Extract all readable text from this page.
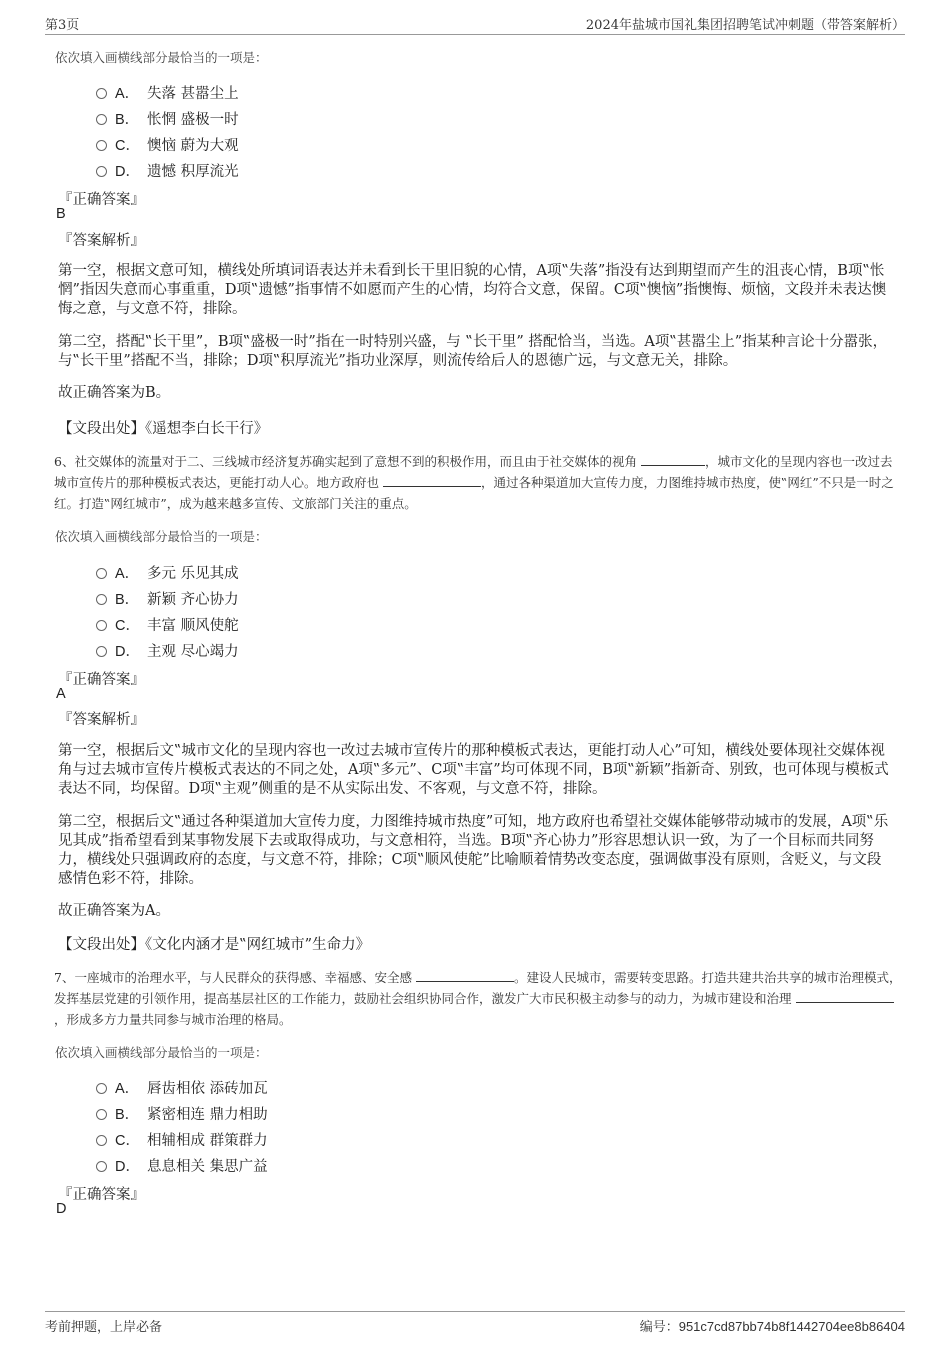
第3页	2024年盐城市国礼集团招聘笔试冲刺题（带答案解析）
依次填入画横线部分最恰当的一项是：
A． 失落 甚嚣尘上
B． 怅惘 盛极一时
C． 懊恼 蔚为大观
D． 遗憾 积厚流光
『正确答案』
B
『答案解析』
第一空，根据文意可知，横线处所填词语表达并未看到长干里旧貌的心情，A项‟失落”指没有达到期望而产生的沮丧心情，B项‟怅惘”指因失意而心事重重，D项‟遗憾”指事情不如愿而产生的心情，均符合文意，保留。C项‟懊恼”指懊悔、烦恼，文段并未表达懊悔之意，与文意不符，排除。
第二空，搭配‟长干里”，B项‟盛极一时”指在一时特别兴盛，与 ‟长干里” 搭配恰当，当选。A项‟甚嚣尘上”指某种言论十分嚣张，与‟长干里”搭配不当，排除；D项‟积厚流光”指功业深厚，则流传给后人的恩德广远，与文意无关，排除。
故正确答案为B。
【文段出处】《遥想李白长干行》
6、社交媒体的流量对于二、三线城市经济复苏确实起到了意想不到的积极作用，而且由于社交媒体的视角	，城市文化的呈现内容也一改过去城市宣传片的那种模板式表达，更能打动人心。地方政府也	，通过各种渠道加大宣传力度，力图维持城市热度，使‟网红”不只是一时之红。打造‟网红城市”，成为越来越多宣传、文旅部门关注的重点。
依次填入画横线部分最恰当的一项是：
A． 多元 乐见其成
B． 新颖 齐心协力
C． 丰富 顺风使舵
D． 主观 尽心竭力
『正确答案』
A
『答案解析』
第一空，根据后文‟城市文化的呈现内容也一改过去城市宣传片的那种模板式表达，更能打动人心”可知，横线处要体现社交媒体视角与过去城市宣传片模板式表达的不同之处，A项‟多元”、C项‟丰富”均可体现不同，B项‟新颖”指新奇、别致，也可体现与模板式表达不同，均保留。D项‟主观”侧重的是不从实际出发、不客观，与文意不符，排除。
第二空，根据后文‟通过各种渠道加大宣传力度，力图维持城市热度”可知，地方政府也希望社交媒体能够带动城市的发展，A项‟乐见其成”指希望看到某事物发展下去或取得成功，与文意相符，当选。B项‟齐心协力”形容思想认识一致，为了一个目标而共同努力，横线处只强调政府的态度，与文意不符，排除；C项‟顺风使舵”比喻顺着情势改变态度，强调做事没有原则，含贬义，与文段感情色彩不符，排除。
故正确答案为A。
【文段出处】《文化内涵才是‟网红城市”生命力》
7、一座城市的治理水平，与人民群众的获得感、幸福感、安全感	。建设人民城市，需要转变思路。打造共建共治共享的城市治理模式，发挥基层党建的引领作用，提高基层社区的工作能力，鼓励社会组织协同合作，激发广大市民积极主动参与的动力，为城市建设和治理 ，形成多方力量共同参与城市治理的格局。
依次填入画横线部分最恰当的一项是：
A． 唇齿相依 添砖加瓦
B． 紧密相连 鼎力相助
C． 相辅相成 群策群力
D． 息息相关 集思广益
『正确答案』
D
考前押题，上岸必备	编号：951c7cd87bb74b8f1442704ee8b86404
